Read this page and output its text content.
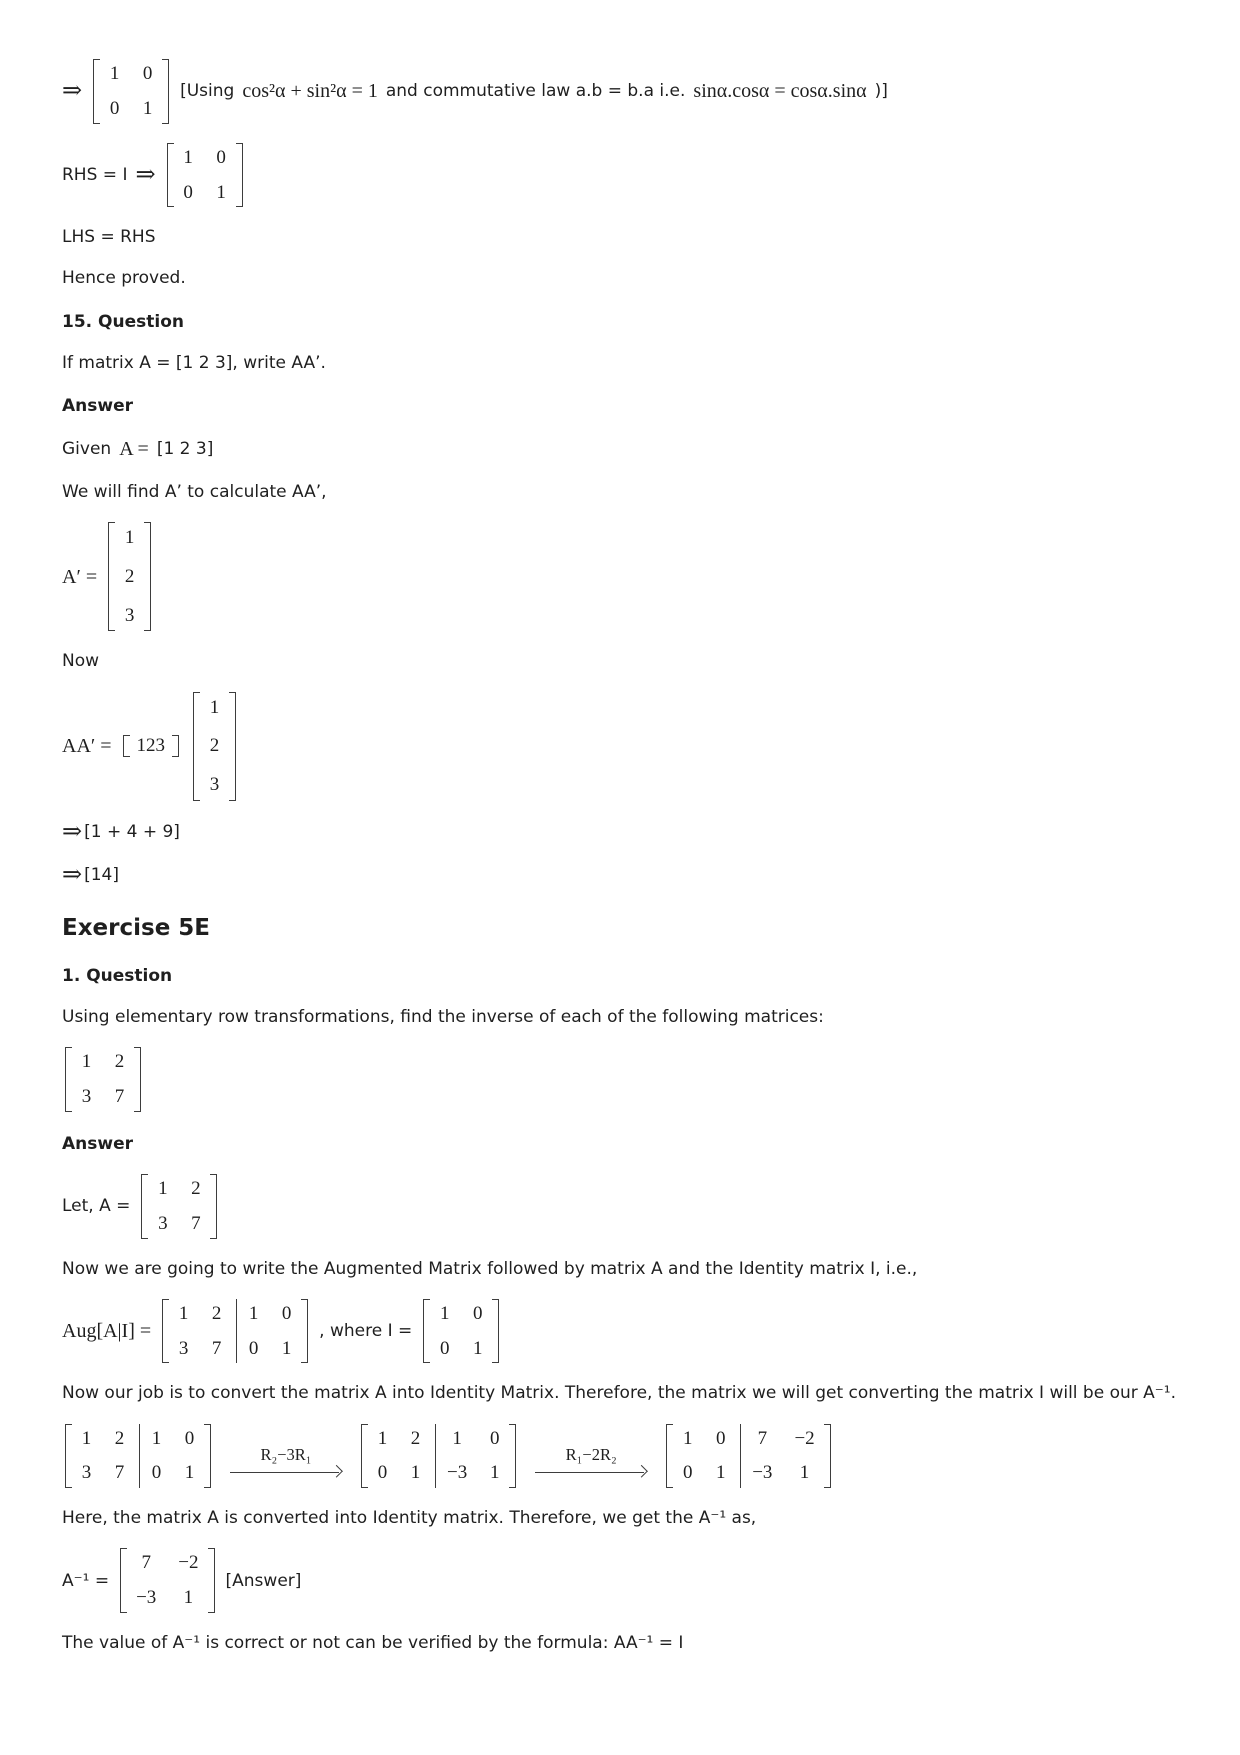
⇒
1 0
0 1
[Using cos²α + sin²α = 1 and commutative law a.b = b.a i.e. sinα.cosα = cosα.sinα )]
RHS = I ⇒
1 0
0 1

LHS = RHS

Hence proved.

15. Question

If matrix A = [1 2 3], write AA’.

Answer

Given A = [1 2 3]

We will find A’ to calculate AA’,

A′ =
1
2
3

Now

AA′ = 123
1
2
3
⇒ [1 + 4 + 9]
⇒ [14]

Exercise 5E

1. Question

Using elementary row transformations, find the inverse of each of the following matrices:

1 2
3 7

Answer

Let, A =
1 2
3 7

Now we are going to write the Augmented Matrix followed by matrix A and the Identity matrix I, i.e.,

Aug[A|I] =
1 2
3 7
1 0
0 1
, where I =
1 0
0 1

Now our job is to convert the matrix A into Identity Matrix. Therefore, the matrix we will get converting the matrix I will be our A⁻¹.

1 2
3 7
1 0
0 1
R₂−3R₁
1 2
0 1
1 0
−3 1
R₁−2R₂
1 0
0 1
7 −2
−3 1

Here, the matrix A is converted into Identity matrix. Therefore, we get the A⁻¹ as,

A⁻¹ =
7 −2
−3 1
[Answer]

The value of A⁻¹ is correct or not can be verified by the formula: AA⁻¹ = I
